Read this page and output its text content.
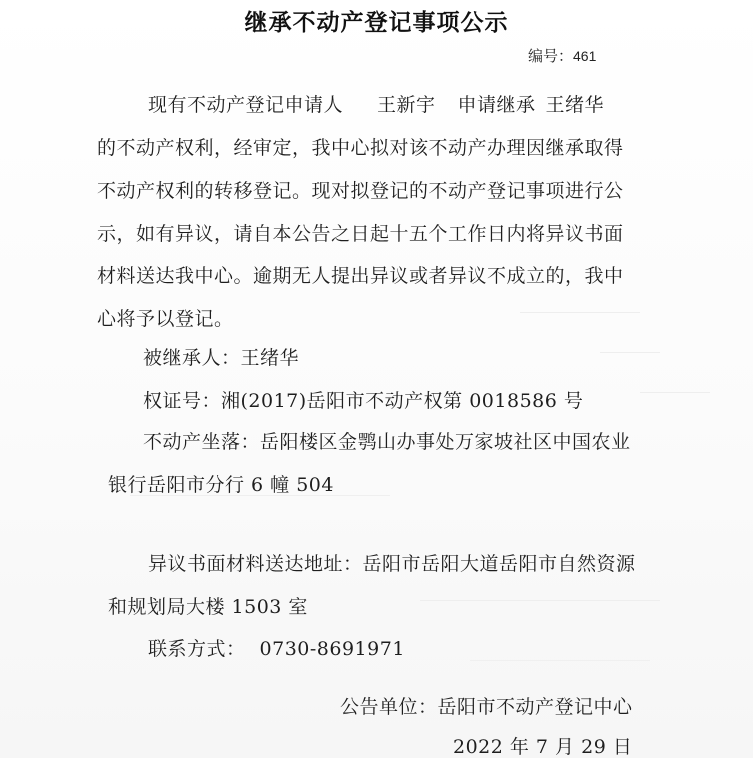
继承不动产登记事项公示
编号：461
现有不动产登记申请人 王新宇 申请继承 王绪华
的不动产权利，经审定，我中心拟对该不动产办理因继承取得
不动产权利的转移登记。现对拟登记的不动产登记事项进行公
示，如有异议，请自本公告之日起十五个工作日内将异议书面
材料送达我中心。逾期无人提出异议或者异议不成立的，我中
心将予以登记。
被继承人：王绪华
权证号：湘(2017)岳阳市不动产权第 0018586 号
不动产坐落：岳阳楼区金鹗山办事处万家坡社区中国农业
银行岳阳市分行 6 幢 504
异议书面材料送达地址：岳阳市岳阳大道岳阳市自然资源
和规划局大楼 1503 室
联系方式： 0730-8691971
公告单位：岳阳市不动产登记中心
2022 年 7 月 29 日
